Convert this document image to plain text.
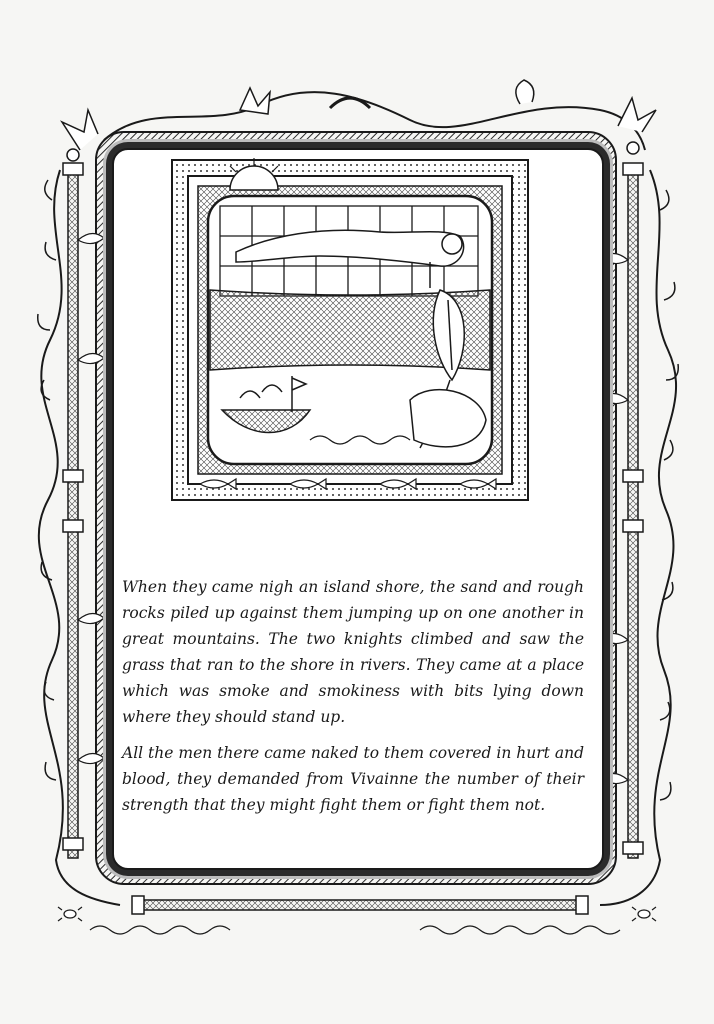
When they came nigh an island shore, the sand and rough rocks piled up against them jumping up on one another in great mountains. The two knights climbed and saw the grass that ran to the shore in rivers. They came at a place which was smoke and smokiness with bits lying down where they should stand up.

All the men there came naked to them covered in hurt and blood, they demanded from Vivainne the number of their strength that they might fight them or fight them not.
